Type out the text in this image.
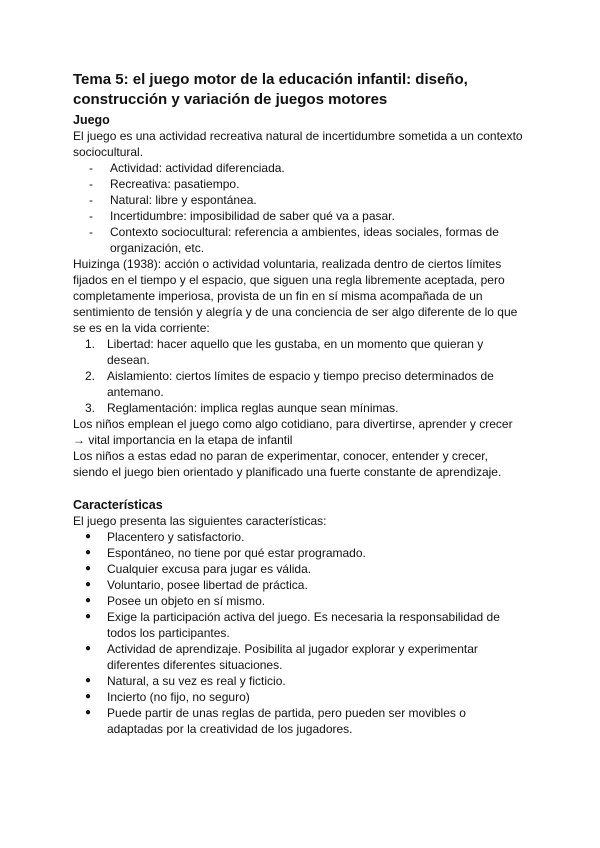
Tema 5: el juego motor de la educación infantil: diseño,
construcción y variación de juegos motores
Juego
El juego es una actividad recreativa natural de incertidumbre sometida a un contexto
sociocultural.
-	Actividad: actividad diferenciada.
-	Recreativa: pasatiempo.
-	Natural: libre y espontánea.
-	Incertidumbre: imposibilidad de saber qué va a pasar.
-	Contexto sociocultural: referencia a ambientes, ideas sociales, formas de
organización, etc.
Huizinga (1938): acción o actividad voluntaria, realizada dentro de ciertos límites
fijados en el tiempo y el espacio, que siguen una regla libremente aceptada, pero
completamente imperiosa, provista de un fin en sí misma acompañada de un
sentimiento de tensión y alegría y de una conciencia de ser algo diferente de lo que
se es en la vida corriente:
1. Libertad: hacer aquello que les gustaba, en un momento que quieran y
desean.
2. Aislamiento: ciertos límites de espacio y tiempo preciso determinados de
antemano.
3. Reglamentación: implica reglas aunque sean mínimas.
Los niños emplean el juego como algo cotidiano, para divertirse, aprender y crecer
→ vital importancia en la etapa de infantil
Los niños a estas edad no paran de experimentar, conocer, entender y crecer,
siendo el juego bien orientado y planificado una fuerte constante de aprendizaje.
Características
El juego presenta las siguientes características:
●	Placentero y satisfactorio.
●	Espontáneo, no tiene por qué estar programado.
●	Cualquier excusa para jugar es válida.
●	Voluntario, posee libertad de práctica.
●	Posee un objeto en sí mismo.
●	Exige la participación activa del juego. Es necesaria la responsabilidad de
todos los participantes.
●	Actividad de aprendizaje. Posibilita al jugador explorar y experimentar
diferentes diferentes situaciones.
●	Natural, a su vez es real y ficticio.
●	Incierto (no fijo, no seguro)
●	Puede partir de unas reglas de partida, pero pueden ser movibles o
adaptadas por la creatividad de los jugadores.
